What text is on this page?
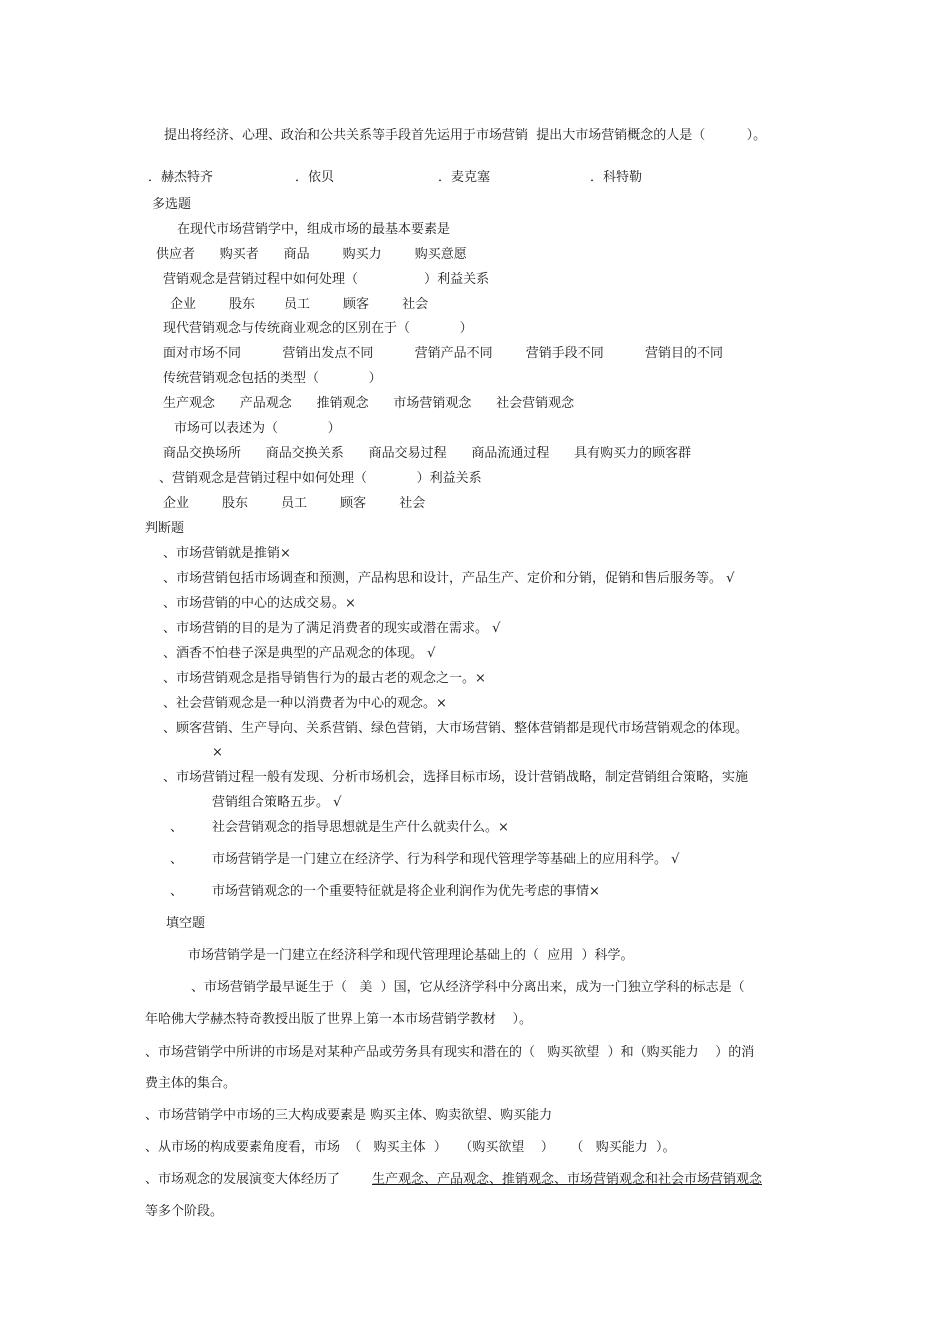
提出将经济、心理、政治和公共关系等手段首先运用于市场营销  提出大市场营销概念的人是（          ）。
．赫杰特齐	．依贝	．麦克塞	．科特勒
多选题
在现代市场营销学中，组成市场的最基本要素是
供应者      购买者      商品        购买力        购买意愿
营销观念是营销过程中如何处理（                ）利益关系
企业        股东       员工        顾客        社会
现代营销观念与传统商业观念的区别在于（            ）
面对市场不同          营销出发点不同          营销产品不同        营销手段不同          营销目的不同
传统营销观念包括的类型（            ）
生产观念      产品观念      推销观念      市场营销观念      社会营销观念
市场可以表述为（            ）
商品交换场所      商品交换关系      商品交易过程      商品流通过程      具有购买力的顾客群
、营销观念是营销过程中如何处理（            ）利益关系
企业        股东        员工        顾客        社会
判断题
、市场营销就是推销×
、市场营销包括市场调查和预测，产品构思和设计，产品生产、定价和分销，促销和售后服务等。 √
、市场营销的中心的达成交易。×
、市场营销的目的是为了满足消费者的现实或潜在需求。 √
、酒香不怕巷子深是典型的产品观念的体现。 √
、市场营销观念是指导销售行为的最古老的观念之一。×
、社会营销观念是一种以消费者为中心的观念。×
、顾客营销、生产导向、关系营销、绿色营销，大市场营销、整体营销都是现代市场营销观念的体现。
×
、市场营销过程一般有发现、分析市场机会，选择目标市场，设计营销战略，制定营销组合策略，实施
营销组合策略五步。 √
、 社会营销观念的指导思想就是生产什么就卖什么。×
、 市场营销学是一门建立在经济学、行为科学和现代管理学等基础上的应用科学。 √
、 市场营销观念的一个重要特征就是将企业利润作为优先考虑的事情×
填空题
市场营销学是一门建立在经济科学和现代管理理论基础上的（  应用  ）科学。
、市场营销学最早诞生于（   美  ）国，它从经济学科中分离出来，成为一门独立学科的标志是（
年哈佛大学赫杰特奇教授出版了世界上第一本市场营销学教材    ）。
、市场营销学中所讲的市场是对某种产品或劳务具有现实和潜在的（   购买欲望  ）和（购买能力    ）的消
费主体的集合。
、市场营销学中市场的三大构成要素是 购买主体、购卖欲望、购买能力
、从市场的构成要素角度看，市场  （   购买主体  ）   （购买欲望    ）    （   购买能力  ）。
、市场观念的发展演变大体经历了 生产观念、产品观念、推销观念、市场营销观念和社会市场营销观念
等多个阶段。
